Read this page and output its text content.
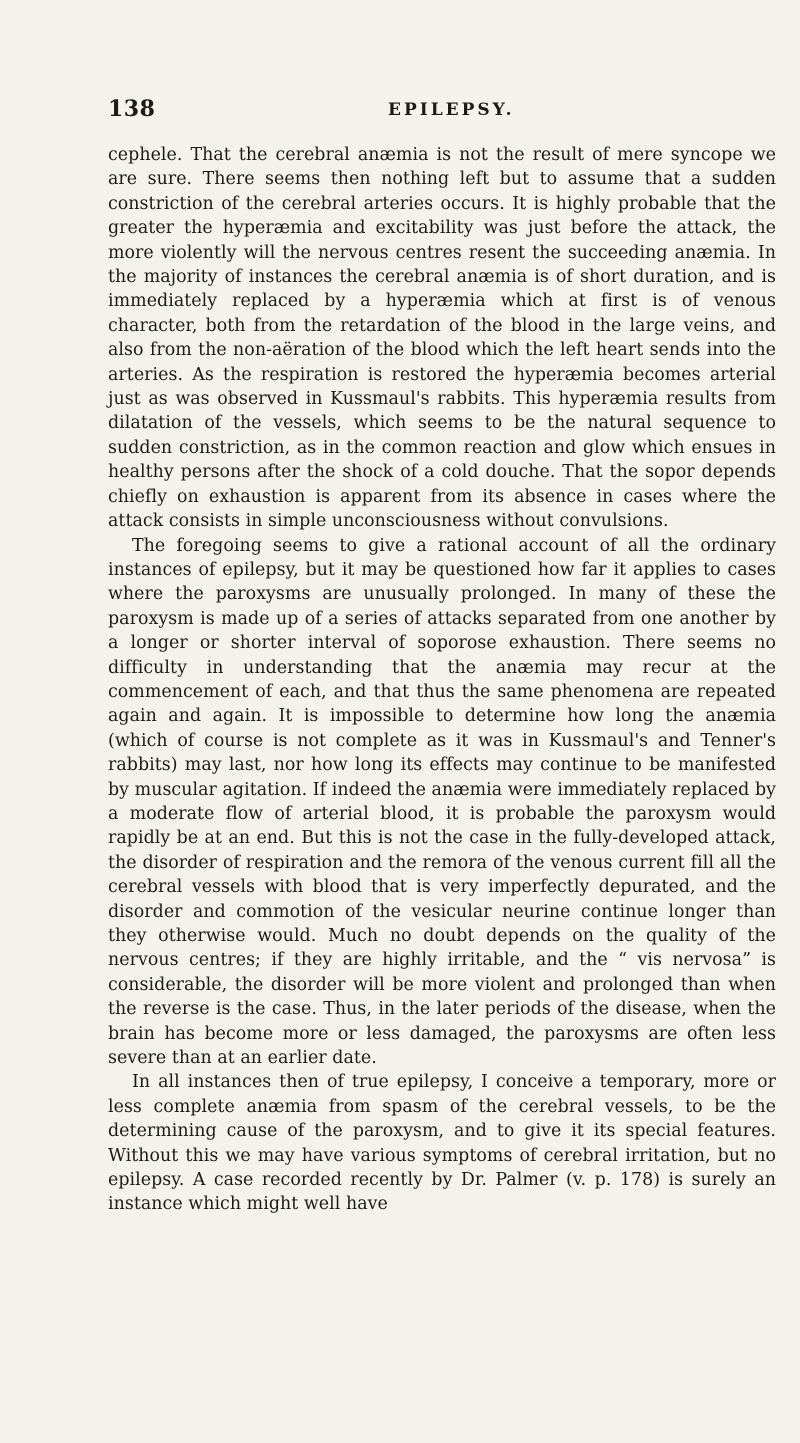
138	EPILEPSY.

cephele. That the cerebral anæmia is not the result of mere syncope we are sure. There seems then nothing left but to assume that a sudden constriction of the cerebral arteries occurs. It is highly probable that the greater the hyperæmia and excitability was just before the attack, the more violently will the nervous centres resent the succeeding anæmia. In the majority of instances the cerebral anæmia is of short duration, and is immediately replaced by a hyperæmia which at first is of venous character, both from the retardation of the blood in the large veins, and also from the non-aëration of the blood which the left heart sends into the arteries. As the respiration is restored the hyperæmia becomes arterial just as was observed in Kussmaul's rabbits. This hyperæmia results from dilatation of the vessels, which seems to be the natural sequence to sudden constriction, as in the common reaction and glow which ensues in healthy persons after the shock of a cold douche. That the sopor depends chiefly on exhaustion is apparent from its absence in cases where the attack consists in simple unconsciousness without convulsions.

The foregoing seems to give a rational account of all the ordinary instances of epilepsy, but it may be questioned how far it applies to cases where the paroxysms are unusually prolonged. In many of these the paroxysm is made up of a series of attacks separated from one another by a longer or shorter interval of soporose exhaustion. There seems no difficulty in understanding that the anæmia may recur at the commencement of each, and that thus the same phenomena are repeated again and again. It is impossible to determine how long the anæmia (which of course is not complete as it was in Kussmaul's and Tenner's rabbits) may last, nor how long its effects may continue to be manifested by muscular agitation. If indeed the anæmia were immediately replaced by a moderate flow of arterial blood, it is probable the paroxysm would rapidly be at an end. But this is not the case in the fully-developed attack, the disorder of respiration and the remora of the venous current fill all the cerebral vessels with blood that is very imperfectly depurated, and the disorder and commotion of the vesicular neurine continue longer than they otherwise would. Much no doubt depends on the quality of the nervous centres; if they are highly irritable, and the “ vis nervosa” is considerable, the disorder will be more violent and prolonged than when the reverse is the case. Thus, in the later periods of the disease, when the brain has become more or less damaged, the paroxysms are often less severe than at an earlier date.

In all instances then of true epilepsy, I conceive a temporary, more or less complete anæmia from spasm of the cerebral vessels, to be the determining cause of the paroxysm, and to give it its special features. Without this we may have various symptoms of cerebral irritation, but no epilepsy. A case recorded recently by Dr. Palmer (v. p. 178) is surely an instance which might well have
